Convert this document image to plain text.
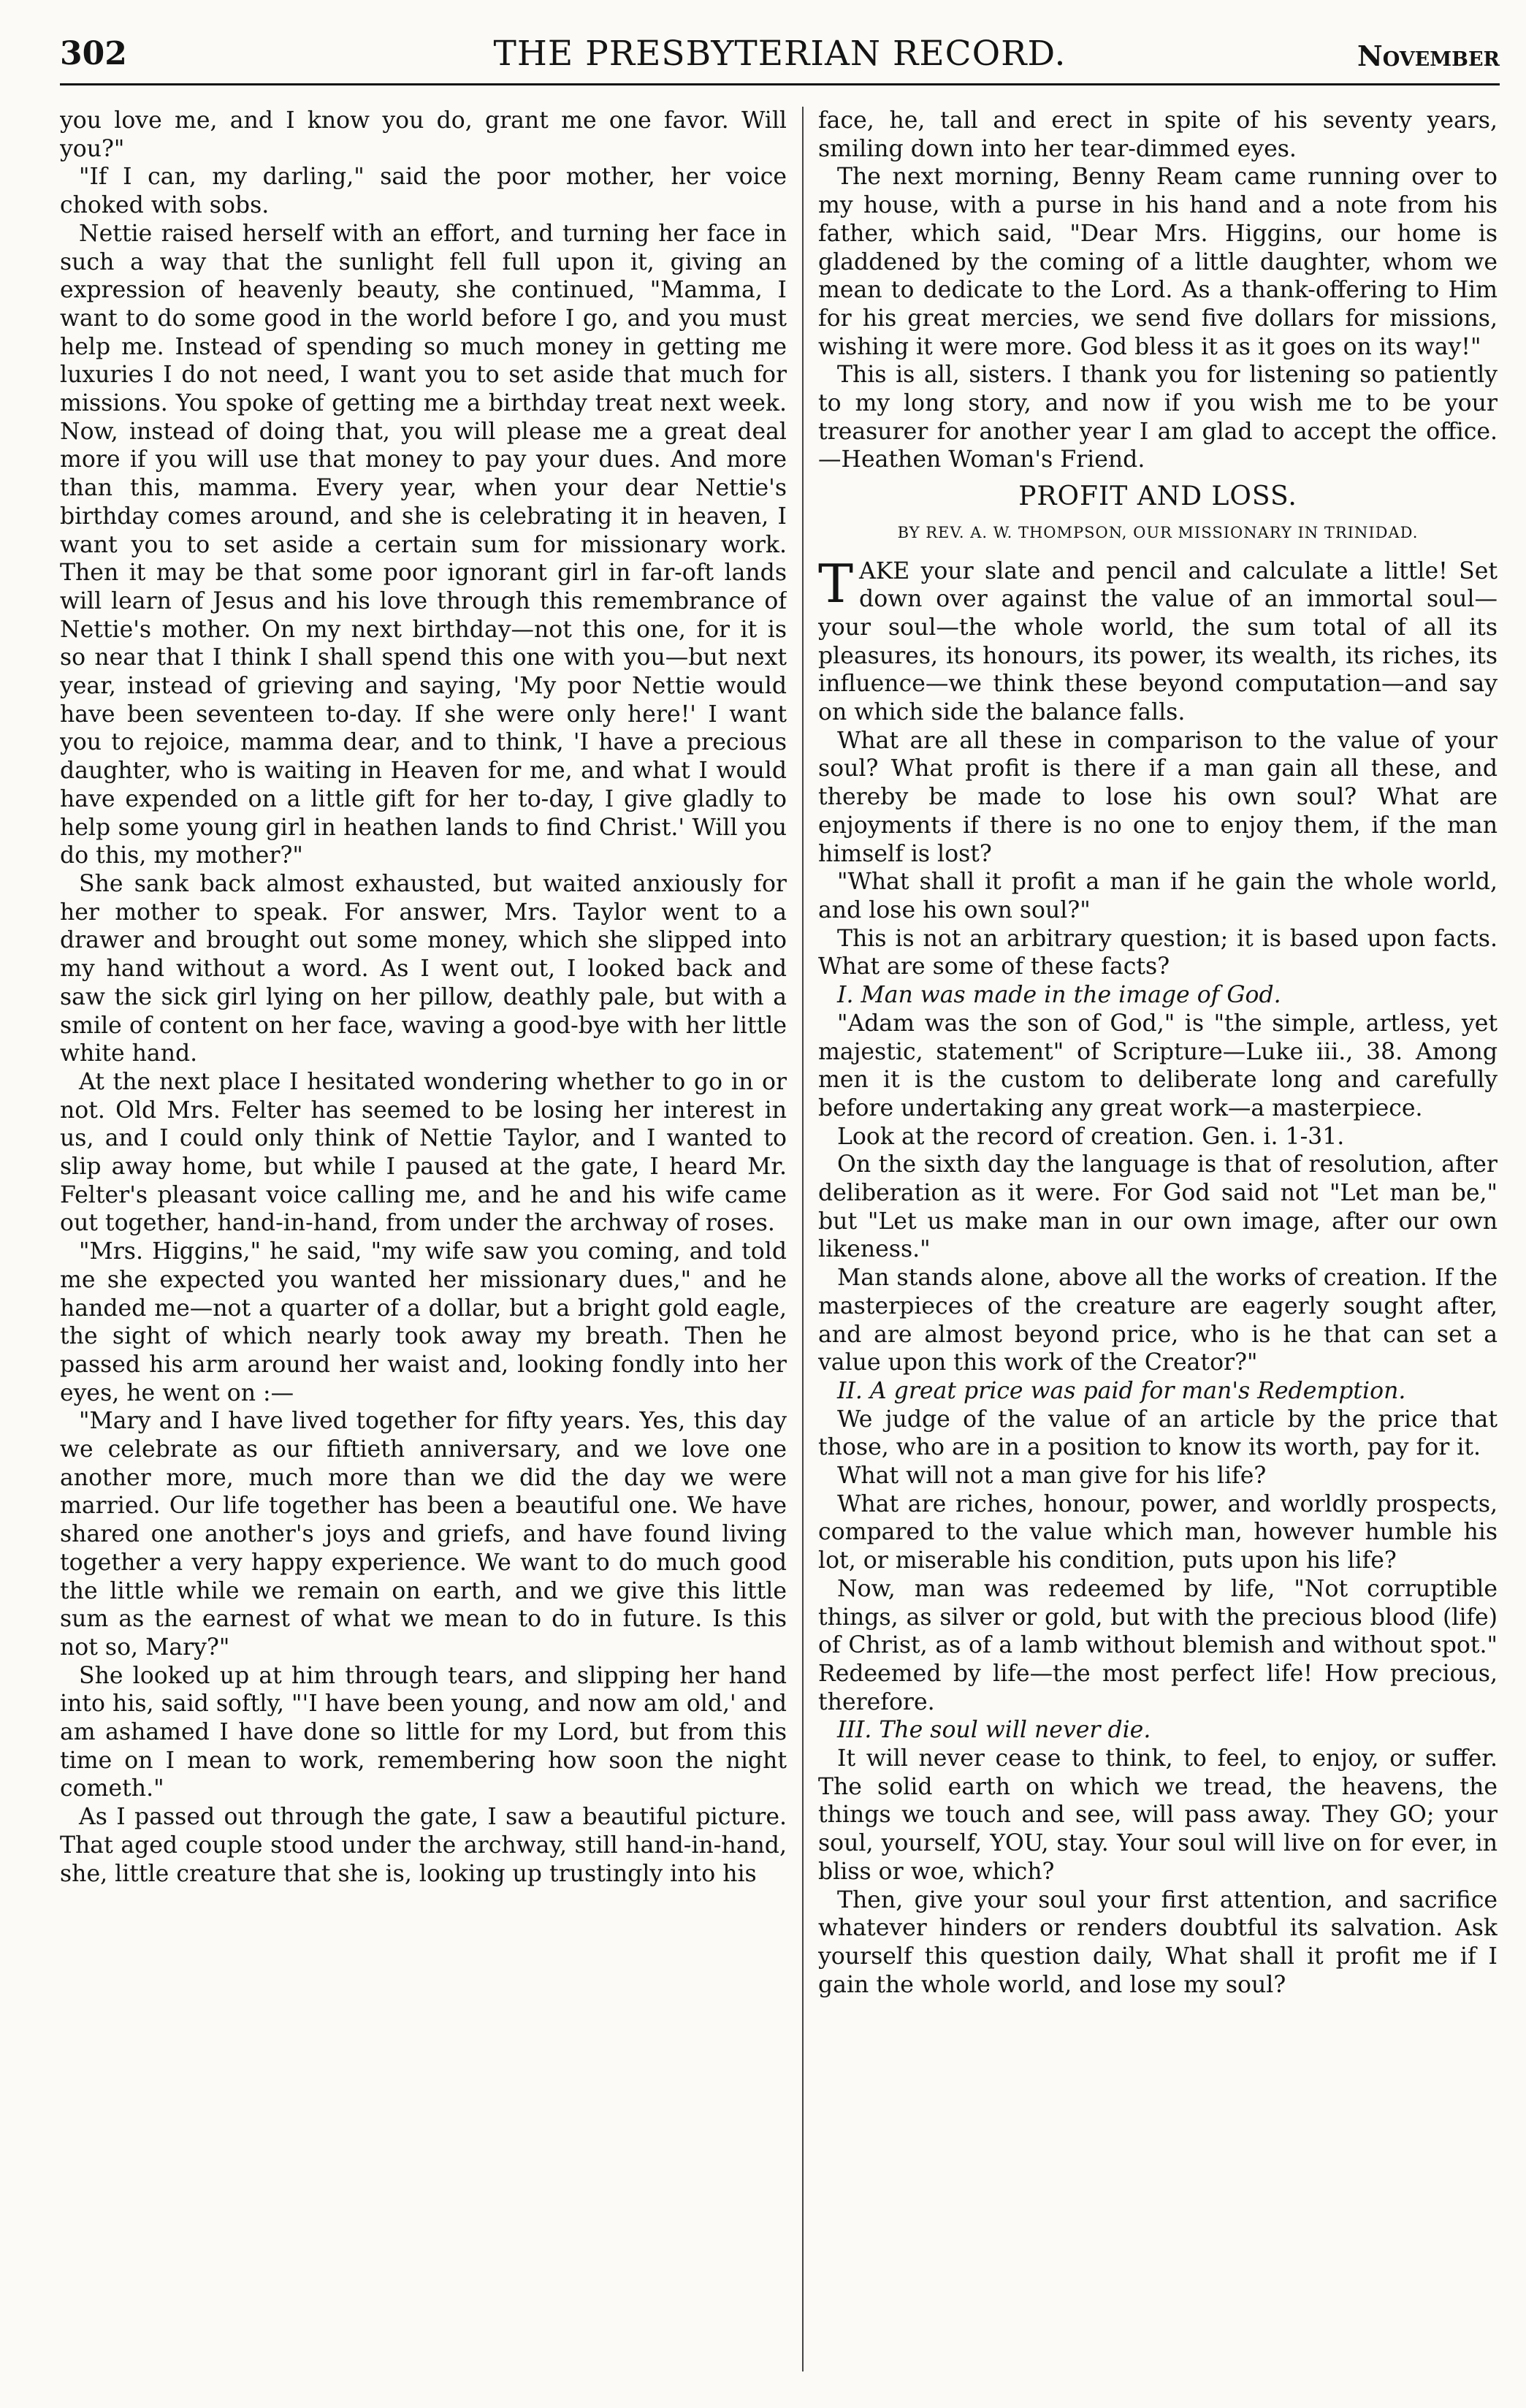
302	THE PRESBYTERIAN RECORD.	November

you love me, and I know you do, grant me one favor. Will you?"

"If I can, my darling," said the poor mother, her voice choked with sobs.

Nettie raised herself with an effort, and turning her face in such a way that the sunlight fell full upon it, giving an expression of heavenly beauty, she continued, "Mamma, I want to do some good in the world before I go, and you must help me. Instead of spending so much money in getting me luxuries I do not need, I want you to set aside that much for missions. You spoke of getting me a birthday treat next week. Now, instead of doing that, you will please me a great deal more if you will use that money to pay your dues. And more than this, mamma. Every year, when your dear Nettie's birthday comes around, and she is celebrating it in heaven, I want you to set aside a certain sum for missionary work. Then it may be that some poor ignorant girl in far-oft lands will learn of Jesus and his love through this remembrance of Nettie's mother. On my next birthday—not this one, for it is so near that I think I shall spend this one with you—but next year, instead of grieving and saying, 'My poor Nettie would have been seventeen to-day. If she were only here!' I want you to rejoice, mamma dear, and to think, 'I have a precious daughter, who is waiting in Heaven for me, and what I would have expended on a little gift for her to-day, I give gladly to help some young girl in heathen lands to find Christ.' Will you do this, my mother?"

She sank back almost exhausted, but waited anxiously for her mother to speak. For answer, Mrs. Taylor went to a drawer and brought out some money, which she slipped into my hand without a word. As I went out, I looked back and saw the sick girl lying on her pillow, deathly pale, but with a smile of content on her face, waving a good-bye with her little white hand.

At the next place I hesitated wondering whether to go in or not. Old Mrs. Felter has seemed to be losing her interest in us, and I could only think of Nettie Taylor, and I wanted to slip away home, but while I paused at the gate, I heard Mr. Felter's pleasant voice calling me, and he and his wife came out together, hand-in-hand, from under the archway of roses.

"Mrs. Higgins," he said, "my wife saw you coming, and told me she expected you wanted her missionary dues," and he handed me—not a quarter of a dollar, but a bright gold eagle, the sight of which nearly took away my breath. Then he passed his arm around her waist and, looking fondly into her eyes, he went on :—

"Mary and I have lived together for fifty years. Yes, this day we celebrate as our fiftieth anniversary, and we love one another more, much more than we did the day we were married. Our life together has been a beautiful one. We have shared one another's joys and griefs, and have found living together a very happy experience. We want to do much good the little while we remain on earth, and we give this little sum as the earnest of what we mean to do in future. Is this not so, Mary?"

She looked up at him through tears, and slipping her hand into his, said softly, "'I have been young, and now am old,' and am ashamed I have done so little for my Lord, but from this time on I mean to work, remembering how soon the night cometh."

As I passed out through the gate, I saw a beautiful picture. That aged couple stood under the archway, still hand-in-hand, she, little creature that she is, looking up trustingly into his

face, he, tall and erect in spite of his seventy years, smiling down into her tear-dimmed eyes.

The next morning, Benny Ream came running over to my house, with a purse in his hand and a note from his father, which said, "Dear Mrs. Higgins, our home is gladdened by the coming of a little daughter, whom we mean to dedicate to the Lord. As a thank-offering to Him for his great mercies, we send five dollars for missions, wishing it were more. God bless it as it goes on its way!"

This is all, sisters. I thank you for listening so patiently to my long story, and now if you wish me to be your treasurer for another year I am glad to accept the office.—Heathen Woman's Friend.

PROFIT AND LOSS.
BY REV. A. W. THOMPSON, OUR MISSIONARY IN TRINIDAD.

TAKE your slate and pencil and calculate a little! Set down over against the value of an immortal soul—your soul—the whole world, the sum total of all its pleasures, its honours, its power, its wealth, its riches, its influence—we think these beyond computation—and say on which side the balance falls.

What are all these in comparison to the value of your soul? What profit is there if a man gain all these, and thereby be made to lose his own soul? What are enjoyments if there is no one to enjoy them, if the man himself is lost?

"What shall it profit a man if he gain the whole world, and lose his own soul?"

This is not an arbitrary question; it is based upon facts. What are some of these facts?

I. Man was made in the image of God.

"Adam was the son of God," is "the simple, artless, yet majestic, statement" of Scripture—Luke iii., 38. Among men it is the custom to deliberate long and carefully before undertaking any great work—a masterpiece.

Look at the record of creation. Gen. i. 1-31.

On the sixth day the language is that of resolution, after deliberation as it were. For God said not "Let man be," but "Let us make man in our own image, after our own likeness."

Man stands alone, above all the works of creation. If the masterpieces of the creature are eagerly sought after, and are almost beyond price, who is he that can set a value upon this work of the Creator?"

II. A great price was paid for man's Redemption.

We judge of the value of an article by the price that those, who are in a position to know its worth, pay for it.

What will not a man give for his life?

What are riches, honour, power, and worldly prospects, compared to the value which man, however humble his lot, or miserable his condition, puts upon his life?

Now, man was redeemed by life, "Not corruptible things, as silver or gold, but with the precious blood (life) of Christ, as of a lamb without blemish and without spot." Redeemed by life—the most perfect life! How precious, therefore.

III. The soul will never die.

It will never cease to think, to feel, to enjoy, or suffer. The solid earth on which we tread, the heavens, the things we touch and see, will pass away. They GO; your soul, yourself, YOU, stay. Your soul will live on for ever, in bliss or woe, which?

Then, give your soul your first attention, and sacrifice whatever hinders or renders doubtful its salvation. Ask yourself this question daily, What shall it profit me if I gain the whole world, and lose my soul?
